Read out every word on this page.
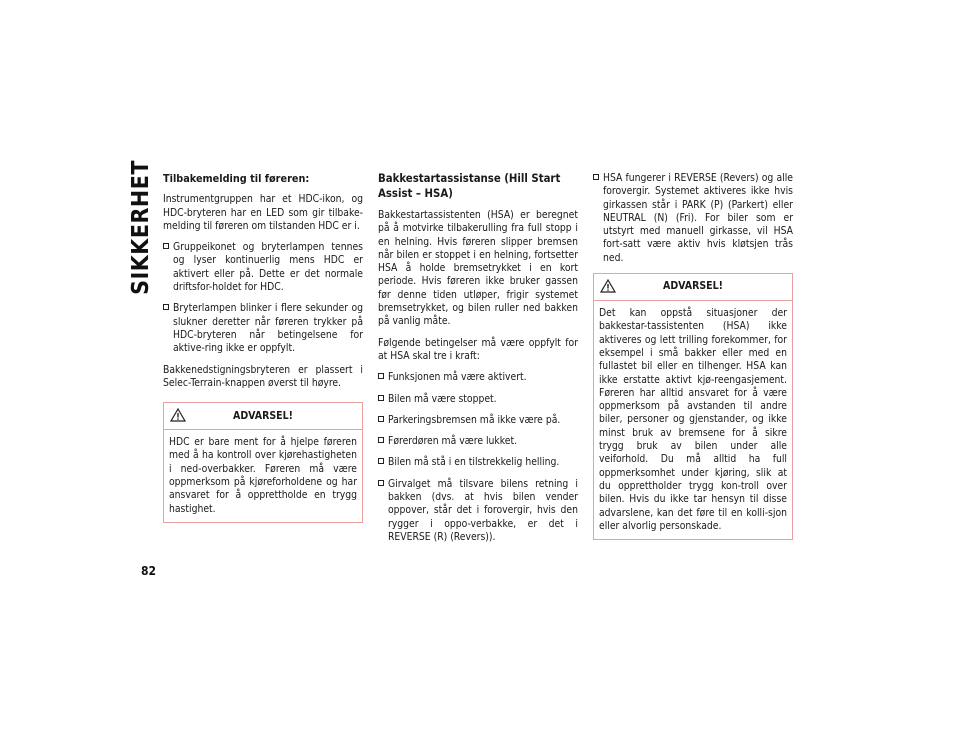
SIKKERHET
82
Tilbakemelding til føreren:

Instrumentgruppen har et HDC-ikon, og HDC-bryteren har en LED som gir tilbake-melding til føreren om tilstanden HDC er i.

Gruppeikonet og bryterlampen tennes og lyser kontinuerlig mens HDC er aktivert eller på. Dette er det normale driftsfor-holdet for HDC.
Bryterlampen blinker i flere sekunder og slukner deretter når føreren trykker på HDC-bryteren når betingelsene for aktive-ring ikke er oppfylt.

Bakkenedstigningsbryteren er plassert i Selec-Terrain-knappen øverst til høyre.

ADVARSEL!
HDC er bare ment for å hjelpe føreren med å ha kontroll over kjørehastigheten i ned-overbakker. Føreren må være oppmerksom på kjøreforholdene og har ansvaret for å opprettholde en trygg hastighet.
Bakkestartassistanse (Hill Start Assist – HSA)

Bakkestartassistenten (HSA) er beregnet på å motvirke tilbakerulling fra full stopp i en helning. Hvis føreren slipper bremsen når bilen er stoppet i en helning, fortsetter HSA å holde bremsetrykket i en kort periode. Hvis føreren ikke bruker gassen før denne tiden utløper, frigir systemet bremsetrykket, og bilen ruller ned bakken på vanlig måte.

Følgende betingelser må være oppfylt for at HSA skal tre i kraft:

Funksjonen må være aktivert.
Bilen må være stoppet.
Parkeringsbremsen må ikke være på.
Førerdøren må være lukket.
Bilen må stå i en tilstrekkelig helling.
Girvalget må tilsvare bilens retning i bakken (dvs. at hvis bilen vender oppover, står det i forovergir, hvis den rygger i oppo-verbakke, er det i REVERSE (R) (Revers)).
HSA fungerer i REVERSE (Revers) og alle forovergir. Systemet aktiveres ikke hvis girkassen står i PARK (P) (Parkert) eller NEUTRAL (N) (Fri). For biler som er utstyrt med manuell girkasse, vil HSA fort-satt være aktiv hvis kløtsjen trås ned.
ADVARSEL!
Det kan oppstå situasjoner der bakkestar-tassistenten (HSA) ikke aktiveres og lett trilling forekommer, for eksempel i små bakker eller med en fullastet bil eller en tilhenger. HSA kan ikke erstatte aktivt kjø-reengasjement. Føreren har alltid ansvaret for å være oppmerksom på avstanden til andre biler, personer og gjenstander, og ikke minst bruk av bremsene for å sikre trygg bruk av bilen under alle veiforhold. Du må alltid ha full oppmerksomhet under kjøring, slik at du opprettholder trygg kon-troll over bilen. Hvis du ikke tar hensyn til disse advarslene, kan det føre til en kolli-sjon eller alvorlig personskade.
